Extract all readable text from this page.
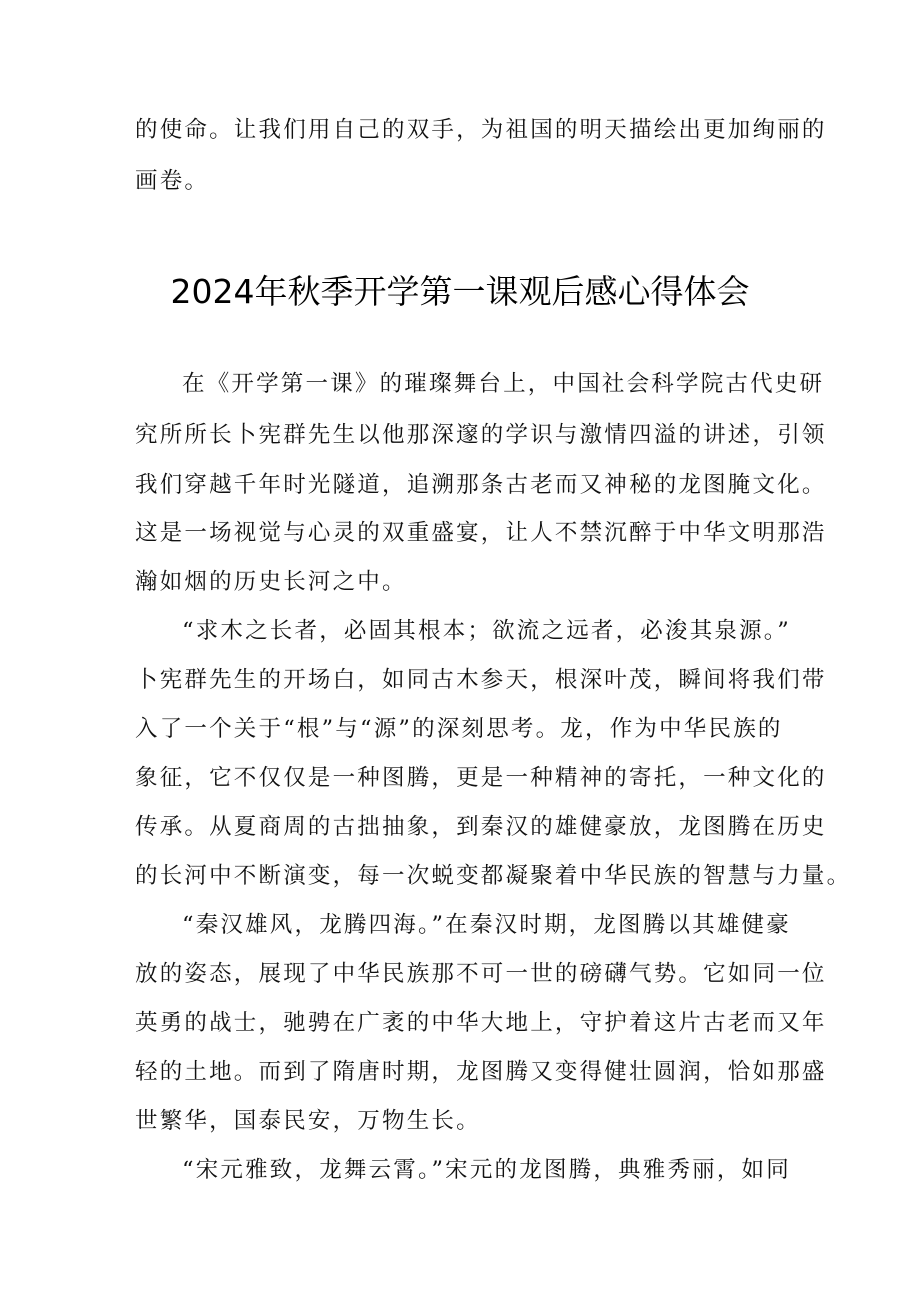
的使命。让我们用自己的双手，为祖国的明天描绘出更加绚丽的
画卷。
2024年秋季开学第一课观后感心得体会
在《开学第一课》的璀璨舞台上，中国社会科学院古代史研
究所所长卜宪群先生以他那深邃的学识与激情四溢的讲述，引领
我们穿越千年时光隧道，追溯那条古老而又神秘的龙图腌文化。
这是一场视觉与心灵的双重盛宴，让人不禁沉醉于中华文明那浩
瀚如烟的历史长河之中。
“求木之长者，必固其根本；欲流之远者，必浚其泉源。”
卜宪群先生的开场白，如同古木参天，根深叶茂，瞬间将我们带
入了一个关于“根”与“源”的深刻思考。龙，作为中华民族的
象征，它不仅仅是一种图腾，更是一种精神的寄托，一种文化的
传承。从夏商周的古拙抽象，到秦汉的雄健豪放，龙图腾在历史
的长河中不断演变，每一次蜕变都凝聚着中华民族的智慧与力量。
“秦汉雄风，龙腾四海。”在秦汉时期，龙图腾以其雄健豪
放的姿态，展现了中华民族那不可一世的磅礴气势。它如同一位
英勇的战士，驰骋在广袤的中华大地上，守护着这片古老而又年
轻的土地。而到了隋唐时期，龙图腾又变得健壮圆润，恰如那盛
世繁华，国泰民安，万物生长。
“宋元雅致，龙舞云霄。”宋元的龙图腾，典雅秀丽，如同
